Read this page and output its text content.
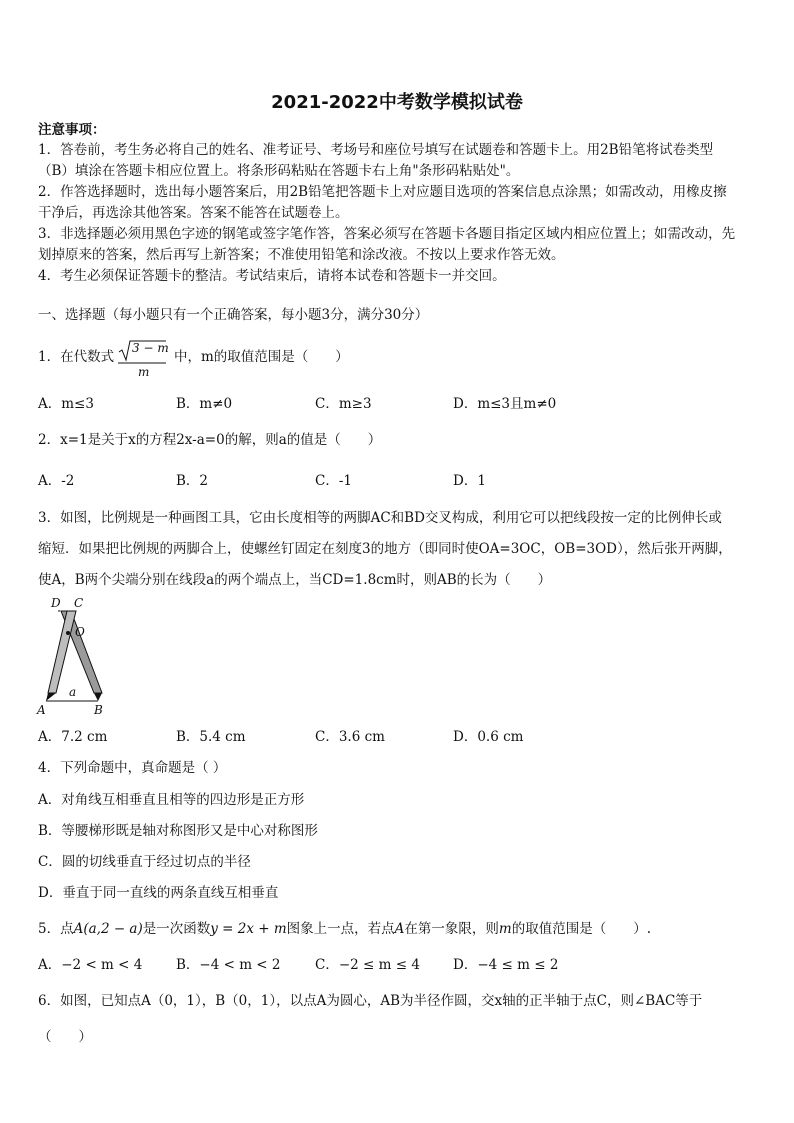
2021-2022中考数学模拟试卷
注意事项：
1．答卷前，考生务必将自己的姓名、准考证号、考场号和座位号填写在试题卷和答题卡上。用2B铅笔将试卷类型
（B）填涂在答题卡相应位置上。将条形码粘贴在答题卡右上角"条形码粘贴处"。
2．作答选择题时，选出每小题答案后，用2B铅笔把答题卡上对应题目选项的答案信息点涂黑；如需改动，用橡皮擦
干净后，再选涂其他答案。答案不能答在试题卷上。
3．非选择题必须用黑色字迹的钢笔或签字笔作答，答案必须写在答题卡各题目指定区域内相应位置上；如需改动，先
划掉原来的答案，然后再写上新答案；不准使用铅笔和涂改液。不按以上要求作答无效。
4．考生必须保证答题卡的整洁。考试结束后，请将本试卷和答题卡一并交回。
一、选择题（每小题只有一个正确答案，每小题3分，满分30分）
1．在代数式
3 − m
m
中，m的取值范围是（　　）
A．m≤3	B．m≠0	C．m≥3	D．m≤3且m≠0
2．x=1是关于x的方程2x-a=0的解，则a的值是（　　）
A．-2	B．2	C．-1	D．1
3．如图，比例规是一种画图工具，它由长度相等的两脚AC和BD交叉构成，利用它可以把线段按一定的比例伸长或
缩短．如果把比例规的两脚合上，使螺丝钉固定在刻度3的地方（即同时使OA=3OC，OB=3OD），然后张开两脚，
使A，B两个尖端分别在线段a的两个端点上，当CD=1.8cm时，则AB的长为（　　）
D C
O
a
A	B
A．7.2 cm	B．5.4 cm	C．3.6 cm	D．0.6 cm
4．下列命题中，真命题是（ ）
A．对角线互相垂直且相等的四边形是正方形
B．等腰梯形既是轴对称图形又是中心对称图形
C．圆的切线垂直于经过切点的半径
D．垂直于同一直线的两条直线互相垂直
5．点A(a,2 − a)是一次函数y = 2x + m图象上一点，若点A在第一象限，则m的取值范围是（　　）.
A．−2 < m < 4 B．−4 < m < 2	C．−2 ≤ m ≤ 4 D．−4 ≤ m ≤ 2
6．如图，已知点A（0，1），B（0，1），以点A为圆心，AB为半径作圆，交x轴的正半轴于点C，则∠BAC等于
（　　）
